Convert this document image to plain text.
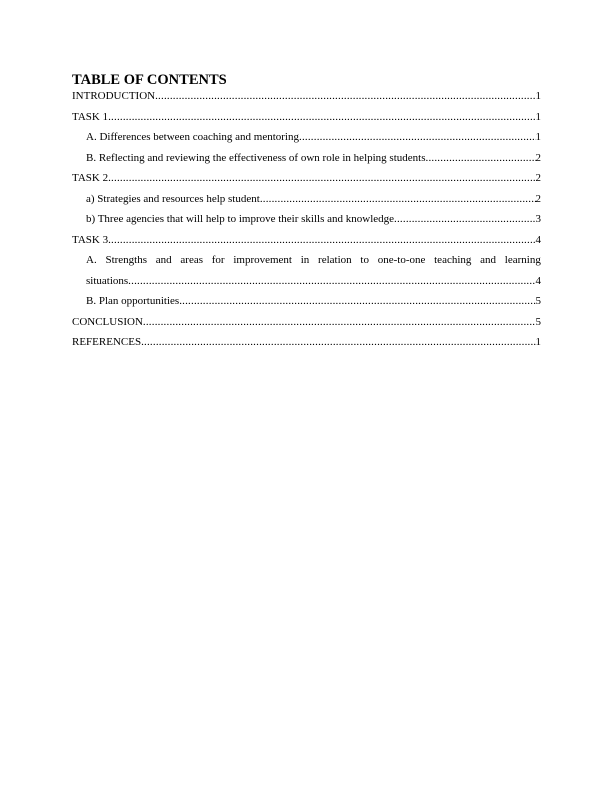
TABLE OF CONTENTS
INTRODUCTION .....	1
TASK 1 .....	1
A. Differences between coaching and mentoring .....	1
B. Reflecting and reviewing the effectiveness of own role in helping students .....	2
TASK 2 .....	2
a) Strategies and resources help student .....	2
b) Three agencies that will help to improve their skills and knowledge .....	3
TASK 3 .....	4
A. Strengths and areas for improvement in relation to one-to-one teaching and learning
situations .....	4
B. Plan opportunities .....	5
CONCLUSION .....	5
REFERENCES .....	1
